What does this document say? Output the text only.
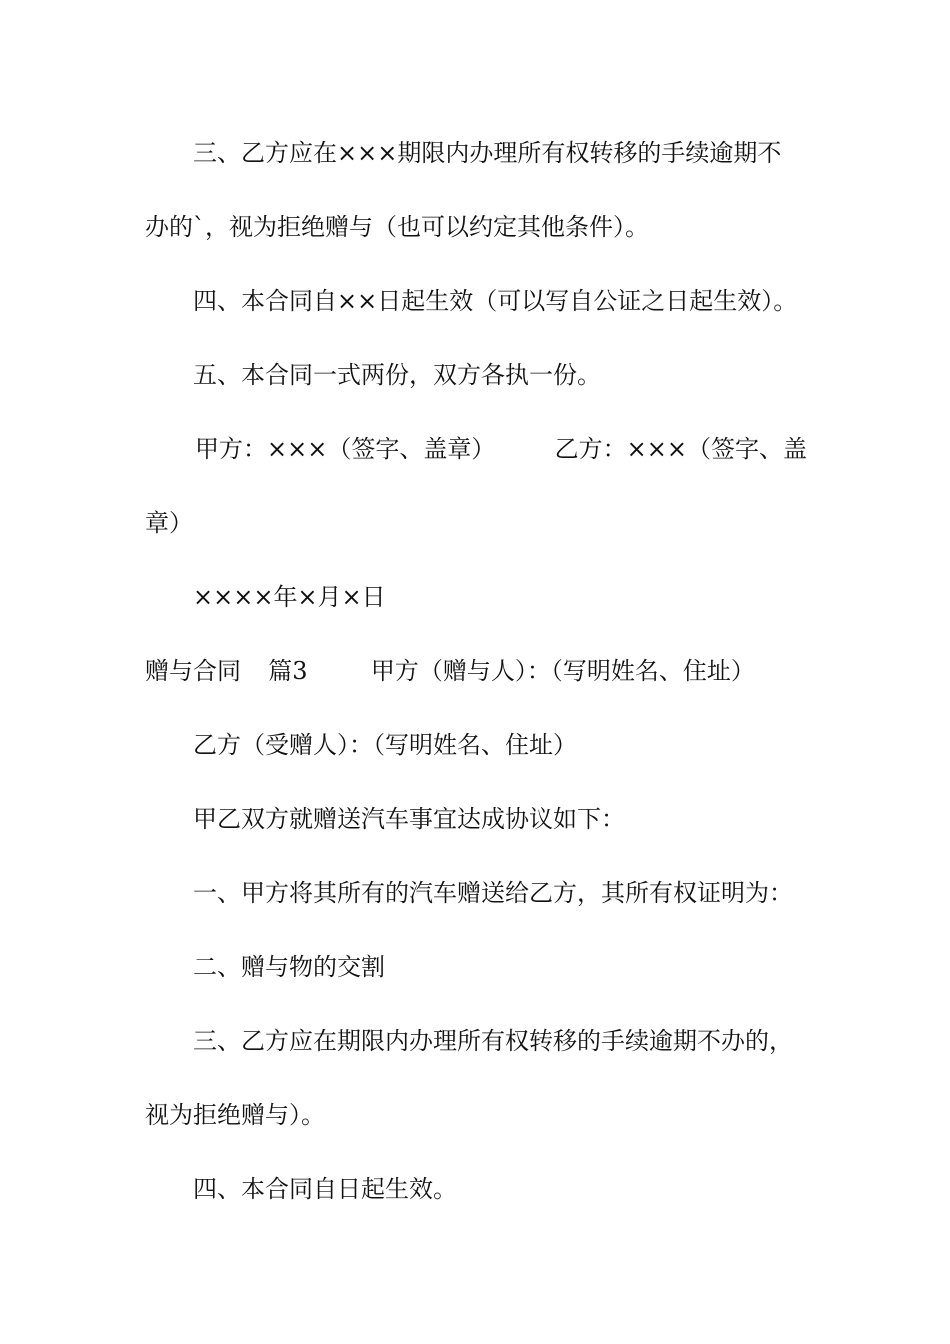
三、乙方应在×××期限内办理所有权转移的手续逾期不
办的`，视为拒绝赠与（也可以约定其他条件）。
四、本合同自××日起生效（可以写自公证之日起生效）。
五、本合同一式两份，双方各执一份。
甲方：×××（签字、盖章） 乙方：×××（签字、盖
章）
××××年×月×日
赠与合同 篇3	甲方（赠与人）：（写明姓名、住址）
乙方（受赠人）：（写明姓名、住址）
甲乙双方就赠送汽车事宜达成协议如下：
一、甲方将其所有的汽车赠送给乙方，其所有权证明为：
二、赠与物的交割
三、乙方应在期限内办理所有权转移的手续逾期不办的，
视为拒绝赠与）。
四、本合同自日起生效。
